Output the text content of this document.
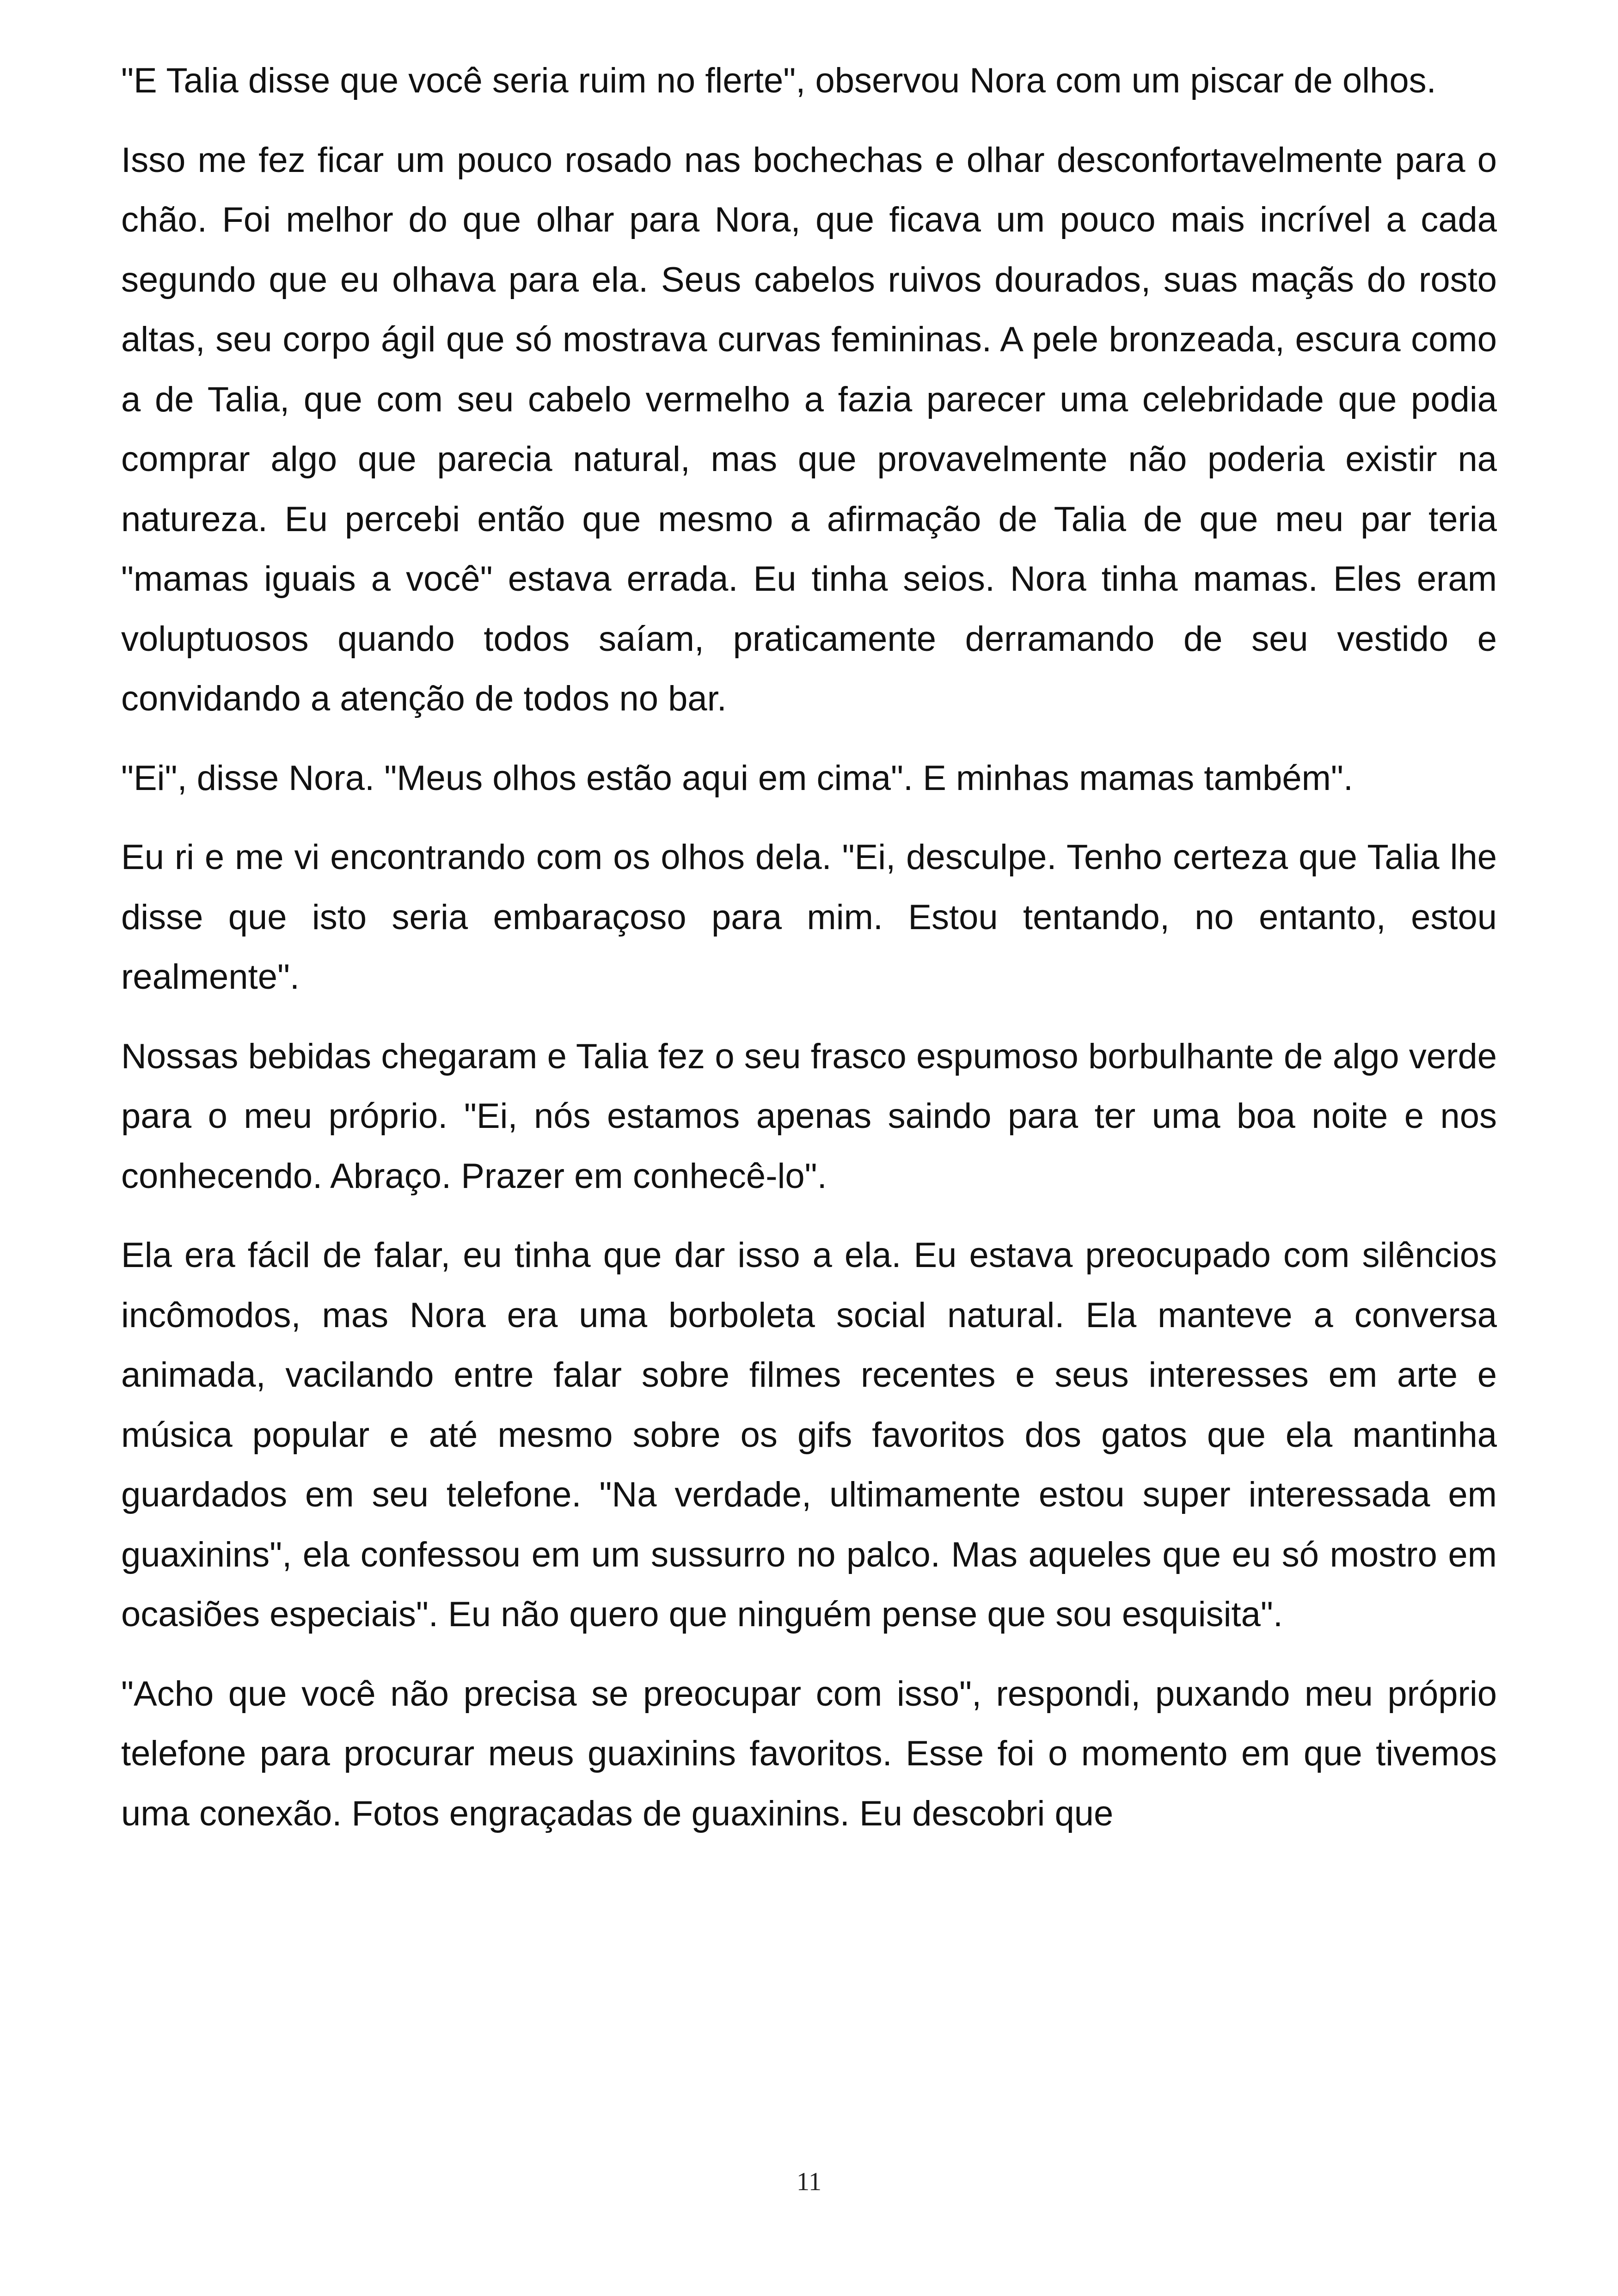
"E Talia disse que você seria ruim no flerte", observou Nora com um piscar de olhos.

Isso me fez ficar um pouco rosado nas bochechas e olhar desconfortavelmente para o chão. Foi melhor do que olhar para Nora, que ficava um pouco mais incrível a cada segundo que eu olhava para ela. Seus cabelos ruivos dourados, suas maçãs do rosto altas, seu corpo ágil que só mostrava curvas femininas. A pele bronzeada, escura como a de Talia, que com seu cabelo vermelho a fazia parecer uma celebridade que podia comprar algo que parecia natural, mas que provavelmente não poderia existir na natureza. Eu percebi então que mesmo a afirmação de Talia de que meu par teria "mamas iguais a você" estava errada. Eu tinha seios. Nora tinha mamas. Eles eram voluptuosos quando todos saíam, praticamente derramando de seu vestido e convidando a atenção de todos no bar.

"Ei", disse Nora. "Meus olhos estão aqui em cima". E minhas mamas também".

Eu ri e me vi encontrando com os olhos dela. "Ei, desculpe. Tenho certeza que Talia lhe disse que isto seria embaraçoso para mim. Estou tentando, no entanto, estou realmente".

Nossas bebidas chegaram e Talia fez o seu frasco espumoso borbulhante de algo verde para o meu próprio. "Ei, nós estamos apenas saindo para ter uma boa noite e nos conhecendo. Abraço. Prazer em conhecê-lo".

Ela era fácil de falar, eu tinha que dar isso a ela. Eu estava preocupado com silêncios incômodos, mas Nora era uma borboleta social natural. Ela manteve a conversa animada, vacilando entre falar sobre filmes recentes e seus interesses em arte e música popular e até mesmo sobre os gifs favoritos dos gatos que ela mantinha guardados em seu telefone. "Na verdade, ultimamente estou super interessada em guaxinins", ela confessou em um sussurro no palco. Mas aqueles que eu só mostro em ocasiões especiais". Eu não quero que ninguém pense que sou esquisita".

"Acho que você não precisa se preocupar com isso", respondi, puxando meu próprio telefone para procurar meus guaxinins favoritos. Esse foi o momento em que tivemos uma conexão. Fotos engraçadas de guaxinins. Eu descobri que

11
